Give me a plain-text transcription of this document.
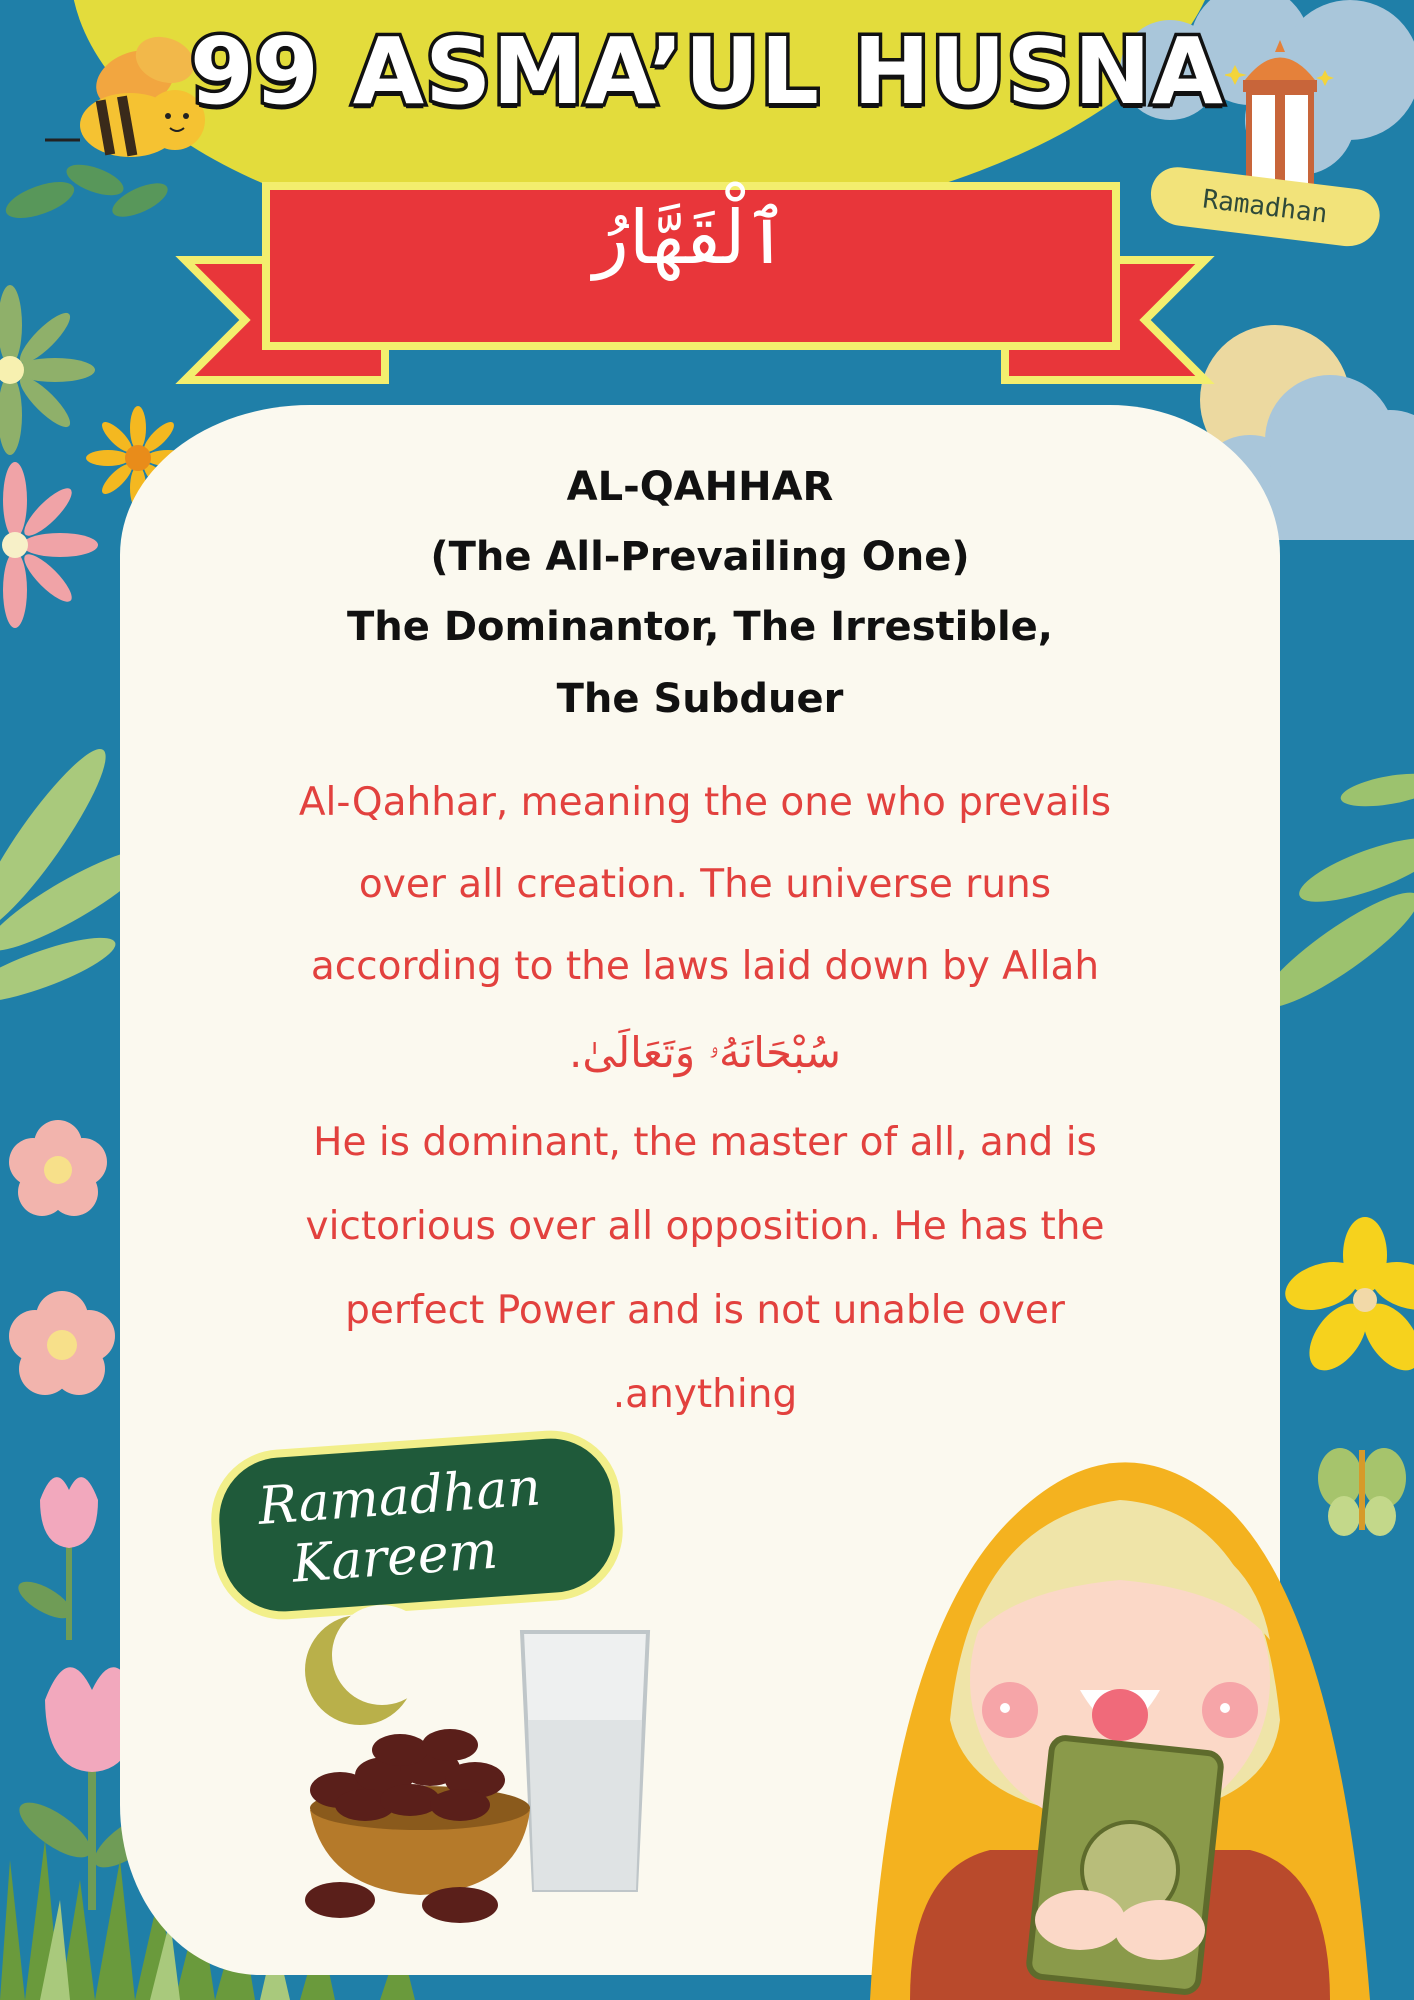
Ramadhan
ٱلْقَهَّارُ
99 ASMA’UL HUSNA
AL-QAHHAR
(The All-Prevailing One)
The Dominantor, The Irrestible,
The Subduer
Al-Qahhar, meaning the one who prevails
over all creation. The universe runs
according to the laws laid down by Allah
سُبْحَانَهُۥ وَتَعَالَىٰ.
He is dominant, the master of all, and is
victorious over all opposition. He has the
perfect Power and is not unable over
.anything
Ramadhan
Kareem
